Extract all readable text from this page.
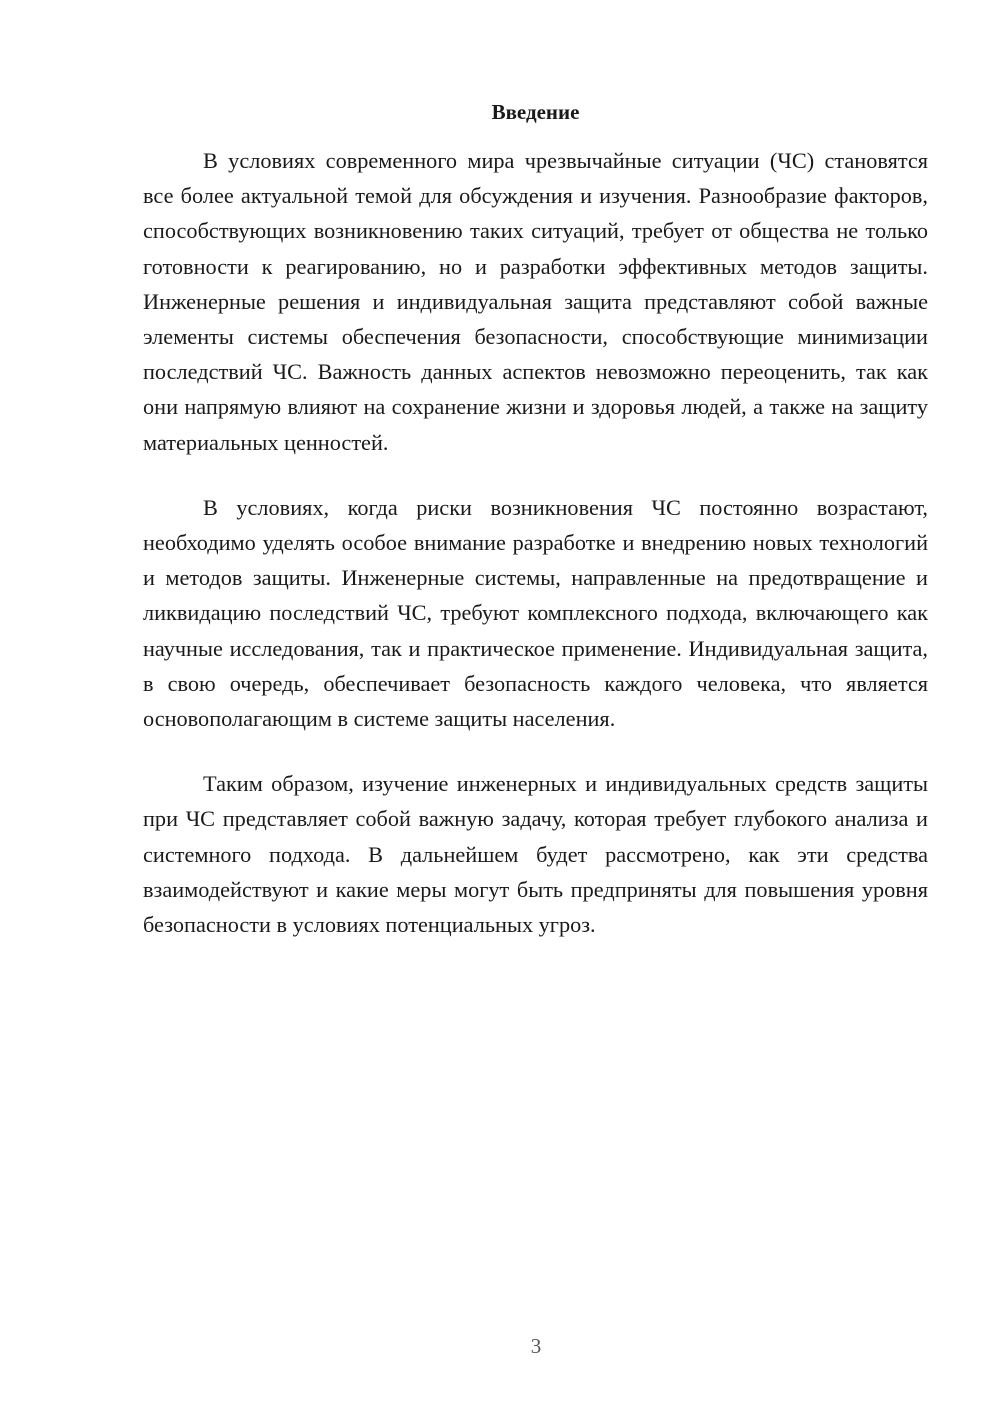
Введение

В условиях современного мира чрезвычайные ситуации (ЧС) становятся все более актуальной темой для обсуждения и изучения. Разнообразие факторов, способствующих возникновению таких ситуаций, требует от общества не только готовности к реагированию, но и разработки эффективных методов защиты. Инженерные решения и индивидуальная защита представляют собой важные элементы системы обеспечения безопасности, способствующие минимизации последствий ЧС. Важность данных аспектов невозможно переоценить, так как они напрямую влияют на сохранение жизни и здоровья людей, а также на защиту материальных ценностей.

В условиях, когда риски возникновения ЧС постоянно возрастают, необходимо уделять особое внимание разработке и внедрению новых технологий и методов защиты. Инженерные системы, направленные на предотвращение и ликвидацию последствий ЧС, требуют комплексного подхода, включающего как научные исследования, так и практическое применение. Индивидуальная защита, в свою очередь, обеспечивает безопасность каждого человека, что является основополагающим в системе защиты населения.

Таким образом, изучение инженерных и индивидуальных средств защиты при ЧС представляет собой важную задачу, которая требует глубокого анализа и системного подхода. В дальнейшем будет рассмотрено, как эти средства взаимодействуют и какие меры могут быть предприняты для повышения уровня безопасности в условиях потенциальных угроз.

3
